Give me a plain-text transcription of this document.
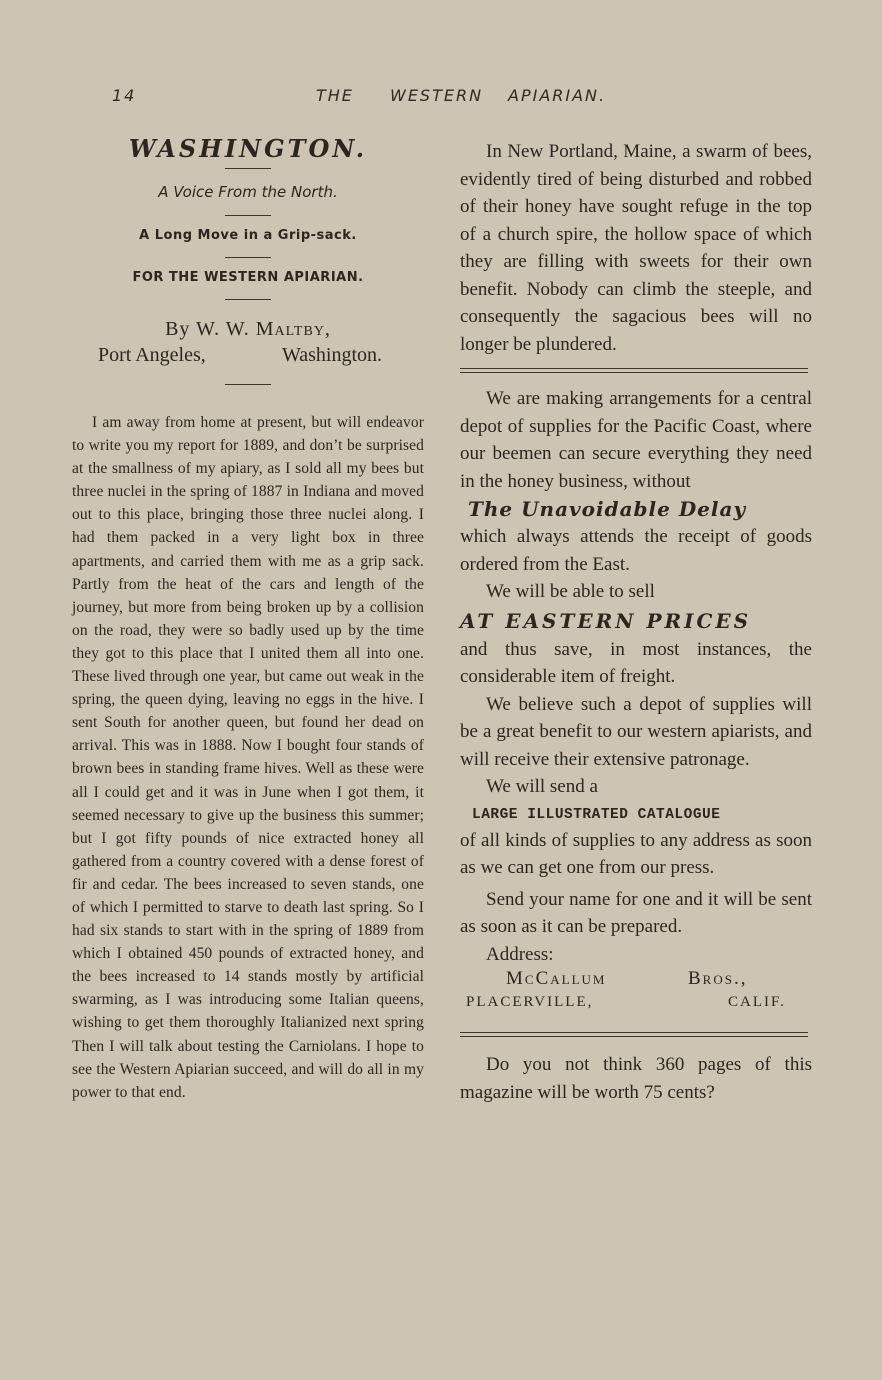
14	THE WESTERN APIARIAN.
WASHINGTON.
A Voice From the North.
A Long Move in a Grip-sack.
FOR THE WESTERN APIARIAN.
By W. W. Maltby,
Port Angeles,	Washington.

I am away from home at present, but will endeavor to write you my report for 1889, and don’t be surprised at the smallness of my apiary, as I sold all my bees but three nuclei in the spring of 1887 in Indiana and moved out to this place, bringing those three nuclei along. I had them packed in a very light box in three apartments, and carried them with me as a grip sack. Partly from the heat of the cars and length of the journey, but more from being broken up by a collision on the road, they were so badly used up by the time they got to this place that I united them all into one. These lived through one year, but came out weak in the spring, the queen dying, leaving no eggs in the hive. I sent South for another queen, but found her dead on arrival. This was in 1888. Now I bought four stands of brown bees in standing frame hives. Well as these were all I could get and it was in June when I got them, it seemed necessary to give up the business this summer; but I got fifty pounds of nice extracted honey all gathered from a country covered with a dense forest of fir and cedar. The bees increased to seven stands, one of which I permitted to starve to death last spring. So I had six stands to start with in the spring of 1889 from which I obtained 450 pounds of extracted honey, and the bees increased to 14 stands mostly by artificial swarming, as I was introducing some Italian queens, wishing to get them thoroughly Italianized next spring Then I will talk about testing the Carniolans. I hope to see the Western Apiarian succeed, and will do all in my power to that end.

In New Portland, Maine, a swarm of bees, evidently tired of being disturbed and robbed of their honey have sought refuge in the top of a church spire, the hollow space of which they are filling with sweets for their own benefit. Nobody can climb the steeple, and consequently the sagacious bees will no longer be plundered.

We are making arrangements for a central depot of supplies for the Pacific Coast, where our beemen can secure everything they need in the honey business, without

The Unavoidable Delay

which always attends the receipt of goods ordered from the East.

We will be able to sell

AT EASTERN PRICES

and thus save, in most instances, the considerable item of freight.

We believe such a depot of supplies will be a great benefit to our western apiarists, and will receive their extensive patronage.

We will send a

LARGE ILLUSTRATED CATALOGUE

of all kinds of supplies to any address as soon as we can get one from our press.

Send your name for one and it will be sent as soon as it can be prepared.

Address:

McCallum	Bros.,
PLACERVILLE,	CALIF.

Do you not think 360 pages of this magazine will be worth 75 cents?
